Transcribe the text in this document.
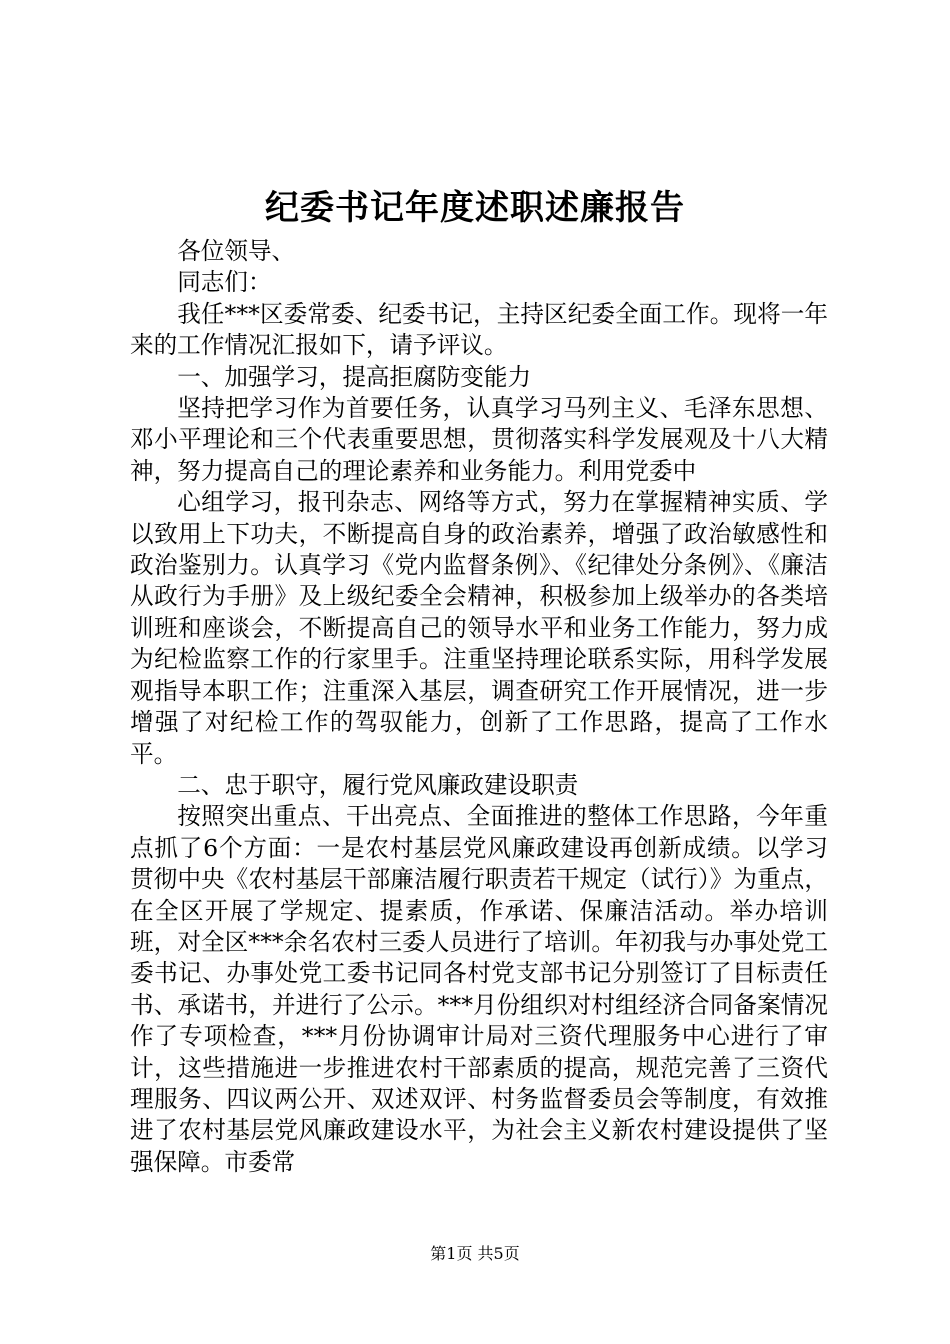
纪委书记年度述职述廉报告

各位领导、

同志们：

我任***区委常委、纪委书记，主持区纪委全面工作。现将一年来的工作情况汇报如下，请予评议。

一、加强学习，提高拒腐防变能力

坚持把学习作为首要任务，认真学习马列主义、毛泽东思想、邓小平理论和三个代表重要思想，贯彻落实科学发展观及十八大精神，努力提高自己的理论素养和业务能力。利用党委中

心组学习，报刊杂志、网络等方式，努力在掌握精神实质、学以致用上下功夫，不断提高自身的政治素养，增强了政治敏感性和政治鉴别力。认真学习《党内监督条例》、《纪律处分条例》、《廉洁从政行为手册》及上级纪委全会精神，积极参加上级举办的各类培训班和座谈会，不断提高自己的领导水平和业务工作能力，努力成为纪检监察工作的行家里手。注重坚持理论联系实际，用科学发展观指导本职工作；注重深入基层，调查研究工作开展情况，进一步增强了对纪检工作的驾驭能力，创新了工作思路，提高了工作水平。

二、忠于职守，履行党风廉政建设职责

按照突出重点、干出亮点、全面推进的整体工作思路，今年重点抓了6个方面：一是农村基层党风廉政建设再创新成绩。以学习贯彻中央《农村基层干部廉洁履行职责若干规定（试行）》为重点，在全区开展了学规定、提素质，作承诺、保廉洁活动。举办培训班，对全区***余名农村三委人员进行了培训。年初我与办事处党工委书记、办事处党工委书记同各村党支部书记分别签订了目标责任书、承诺书，并进行了公示。***月份组织对村组经济合同备案情况作了专项检查，***月份协调审计局对三资代理服务中心进行了审计，这些措施进一步推进农村干部素质的提高，规范完善了三资代理服务、四议两公开、双述双评、村务监督委员会等制度，有效推进了农村基层党风廉政建设水平，为社会主义新农村建设提供了坚强保障。市委常

第1页 共5页
